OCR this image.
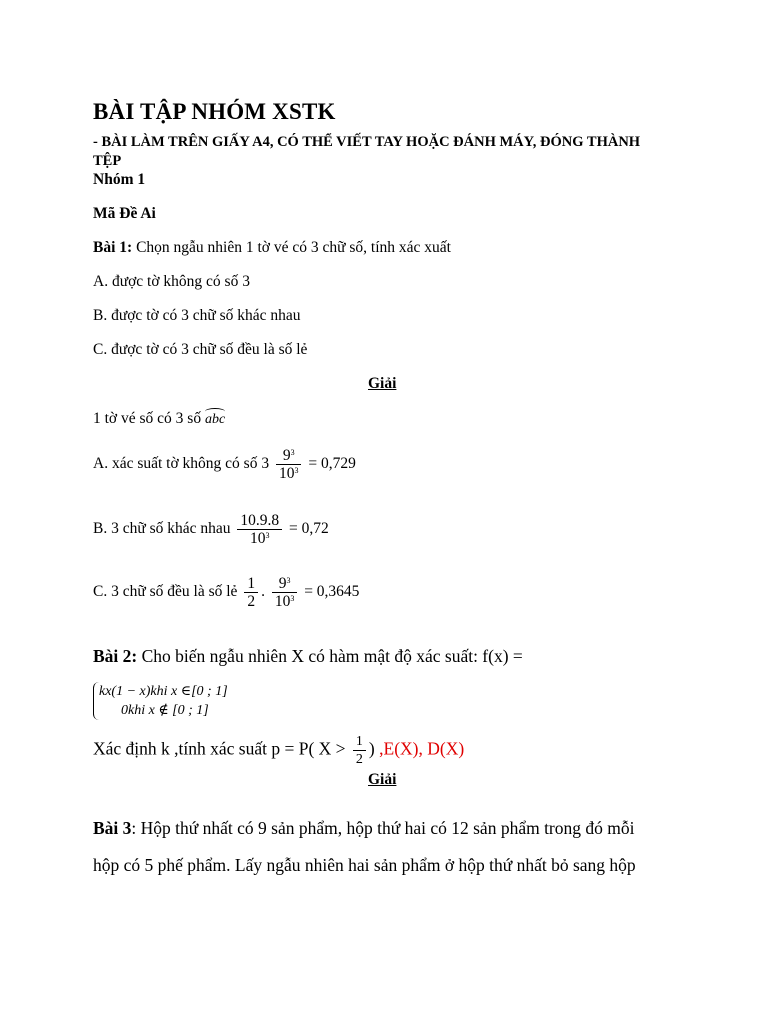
BÀI TẬP NHÓM XSTK
- BÀI LÀM TRÊN GIẤY A4, CÓ THỂ VIẾT TAY HOẶC ĐÁNH MÁY, ĐÓNG THÀNH TỆP
Nhóm 1
Mã Đề Ai
Bài 1: Chọn ngẫu nhiên 1 tờ vé có 3 chữ số, tính xác xuất
A. được tờ không có số 3
B. được tờ có 3 chữ số khác nhau
C. được tờ có 3 chữ số đều là số lẻ
Giải
1 tờ vé số có 3 số abc
A. xác suất tờ không có số $3 \frac{9^3}{10^3} = 0,729$
B. 3 chữ số khác nhau $\frac{10.9.8}{10^3} = 0,72$
C. 3 chữ số đều là số lẻ $\frac{1}{2}$ . $\frac{9^3}{10^3} = 0,3645$
Bài 2: Cho biến ngẫu nhiên X có hàm mật độ xác suất: f(x) =
kx(1 − x)khi x ∈[0 ; 1]
0khi x ∉ [0 ; 1]
Xác định k ,tính xác suất p = P( $X > \frac{1}{2}$ ) ,E(X), D(X)
Giải
Bài 3: Hộp thứ nhất có 9 sản phẩm, hộp thứ hai có 12 sản phẩm trong đó mỗi
hộp có 5 phế phẩm. Lấy ngẫu nhiên hai sản phẩm ở hộp thứ nhất bỏ sang hộp
